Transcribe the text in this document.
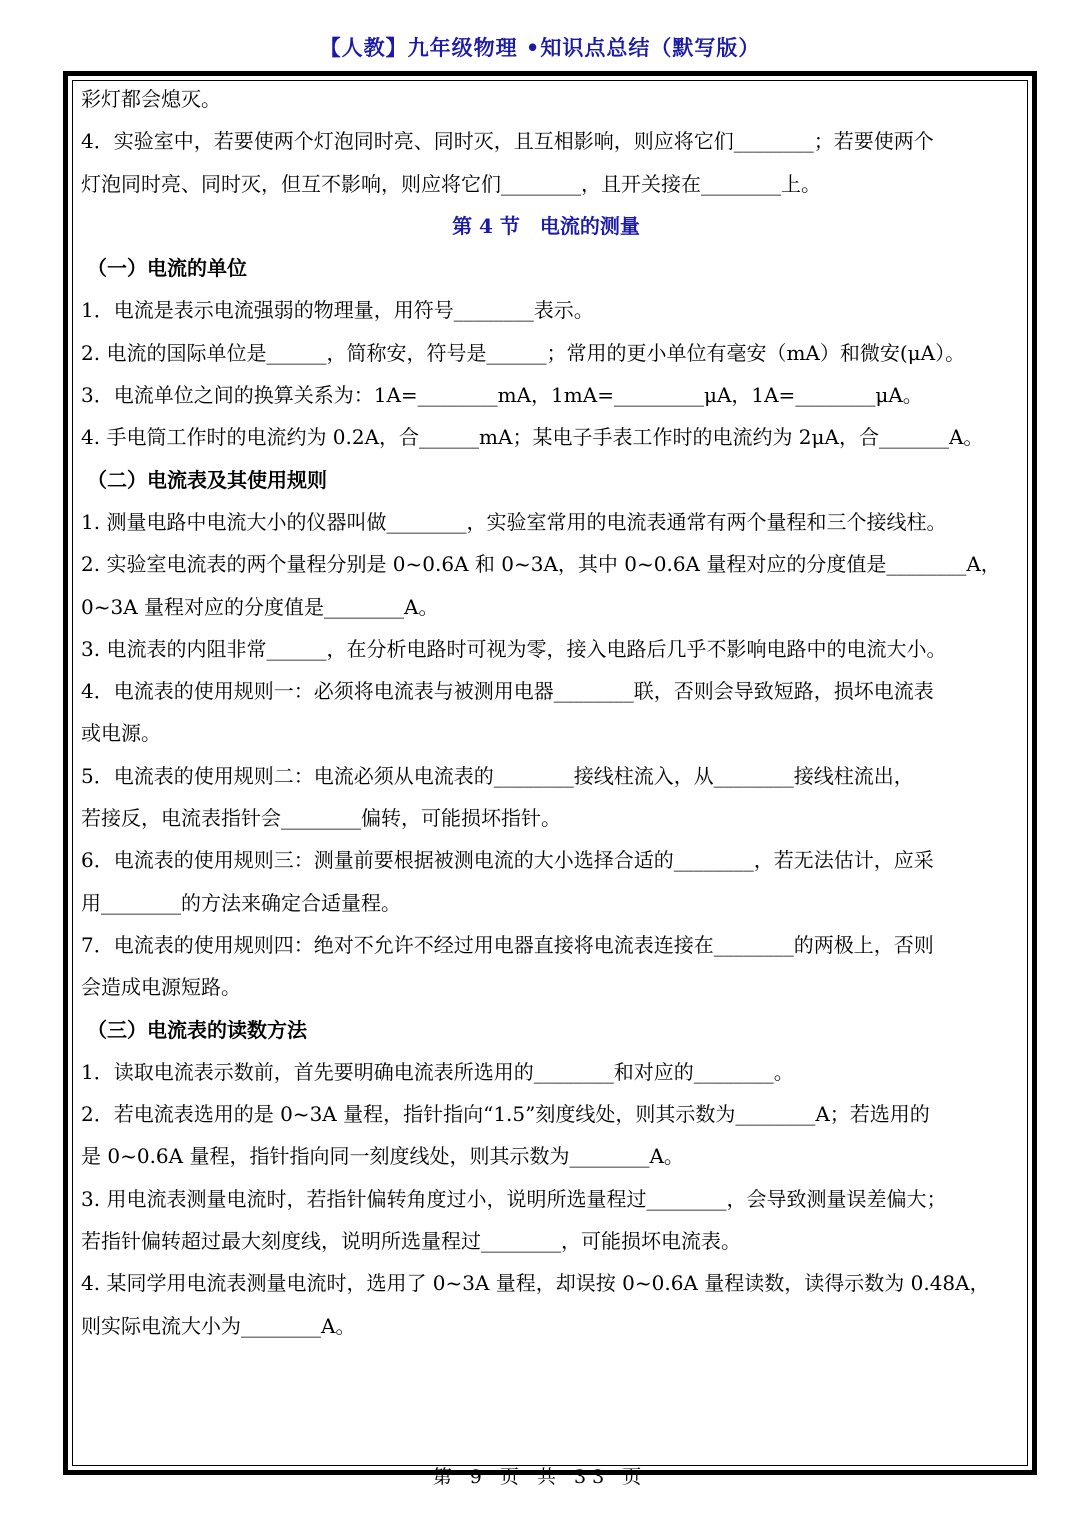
【人教】九年级物理 •知识点总结（默写版）
彩灯都会熄灭。
4．实验室中，若要使两个灯泡同时亮、同时灭，且互相影响，则应将它们________；若要使两个
灯泡同时亮、同时灭，但互不影响，则应将它们________，且开关接在________上。
第 4 节　电流的测量
（一）电流的单位
1．电流是表示电流强弱的物理量，用符号________表示。
2. 电流的国际单位是______，简称安，符号是______；常用的更小单位有毫安（mA）和微安(μA）。
3．电流单位之间的换算关系为：1A=________mA，1mA=_________μA，1A=________μA。
4. 手电筒工作时的电流约为 0.2A，合______mA；某电子手表工作时的电流约为 2μA，合_______A。
（二）电流表及其使用规则
1. 测量电路中电流大小的仪器叫做________，实验室常用的电流表通常有两个量程和三个接线柱。
2. 实验室电流表的两个量程分别是 0~0.6A 和 0~3A，其中 0~0.6A 量程对应的分度值是________A，
0~3A 量程对应的分度值是________A。
3. 电流表的内阻非常______，在分析电路时可视为零，接入电路后几乎不影响电路中的电流大小。
4．电流表的使用规则一：必须将电流表与被测用电器________联，否则会导致短路，损坏电流表
或电源。
5．电流表的使用规则二：电流必须从电流表的________接线柱流入，从________接线柱流出，
若接反，电流表指针会________偏转，可能损坏指针。
6．电流表的使用规则三：测量前要根据被测电流的大小选择合适的________，若无法估计，应采
用________的方法来确定合适量程。
7．电流表的使用规则四：绝对不允许不经过用电器直接将电流表连接在________的两极上，否则
会造成电源短路。
（三）电流表的读数方法
1．读取电流表示数前，首先要明确电流表所选用的________和对应的________。
2．若电流表选用的是 0~3A 量程，指针指向“1.5”刻度线处，则其示数为________A；若选用的
是 0~0.6A 量程，指针指向同一刻度线处，则其示数为________A。
3. 用电流表测量电流时，若指针偏转角度过小，说明所选量程过________，会导致测量误差偏大；
若指针偏转超过最大刻度线，说明所选量程过________，可能损坏电流表。
4. 某同学用电流表测量电流时，选用了 0~3A 量程，却误按 0~0.6A 量程读数，读得示数为 0.48A，
则实际电流大小为________A。
第 9 页 共 33 页
